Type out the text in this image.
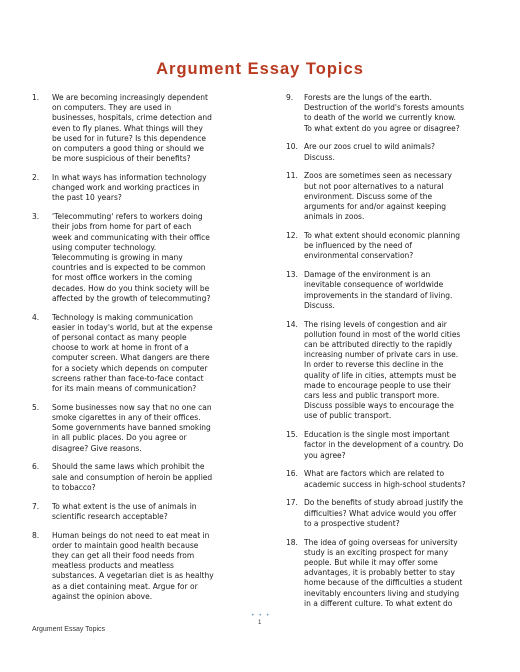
Argument Essay Topics
1.	We are becoming increasingly dependent
on computers. They are used in
businesses, hospitals, crime detection and
even to fly planes. What things will they
be used for in future? Is this dependence
on computers a good thing or should we
be more suspicious of their benefits?
2.	In what ways has information technology
changed work and working practices in
the past 10 years?
3.	'Telecommuting' refers to workers doing
their jobs from home for part of each
week and communicating with their office
using computer technology.
Telecommuting is growing in many
countries and is expected to be common
for most office workers in the coming
decades. How do you think society will be
affected by the growth of telecommuting?
4.	Technology is making communication
easier in today's world, but at the expense
of personal contact as many people
choose to work at home in front of a
computer screen. What dangers are there
for a society which depends on computer
screens rather than face-to-face contact
for its main means of communication?
5.	Some businesses now say that no one can
smoke cigarettes in any of their offices.
Some governments have banned smoking
in all public places. Do you agree or
disagree? Give reasons.
6.	Should the same laws which prohibit the
sale and consumption of heroin be applied
to tobacco?
7.	To what extent is the use of animals in
scientific research acceptable?
8.	Human beings do not need to eat meat in
order to maintain good health because
they can get all their food needs from
meatless products and meatless
substances. A vegetarian diet is as healthy
as a diet containing meat. Argue for or
against the opinion above.
9.	Forests are the lungs of the earth.
Destruction of the world's forests amounts
to death of the world we currently know.
To what extent do you agree or disagree?
10. Are our zoos cruel to wild animals?
Discuss.
11. Zoos are sometimes seen as necessary
but not poor alternatives to a natural
environment. Discuss some of the
arguments for and/or against keeping
animals in zoos.
12. To what extent should economic planning
be influenced by the need of
environmental conservation?
13. Damage of the environment is an
inevitable consequence of worldwide
improvements in the standard of living.
Discuss.
14. The rising levels of congestion and air
pollution found in most of the world cities
can be attributed directly to the rapidly
increasing number of private cars in use.
In order to reverse this decline in the
quality of life in cities, attempts must be
made to encourage people to use their
cars less and public transport more.
Discuss possible ways to encourage the
use of public transport.
15. Education is the single most important
factor in the development of a country. Do
you agree?
16. What are factors which are related to
academic success in high-school students?
17. Do the benefits of study abroad justify the
difficulties? What advice would you offer
to a prospective student?
18. The idea of going overseas for university
study is an exciting prospect for many
people. But while it may offer some
advantages, it is probably better to stay
home because of the difficulties a student
inevitably encounters living and studying
in a different culture. To what extent do
• • •
1
Argument Essay Topics
